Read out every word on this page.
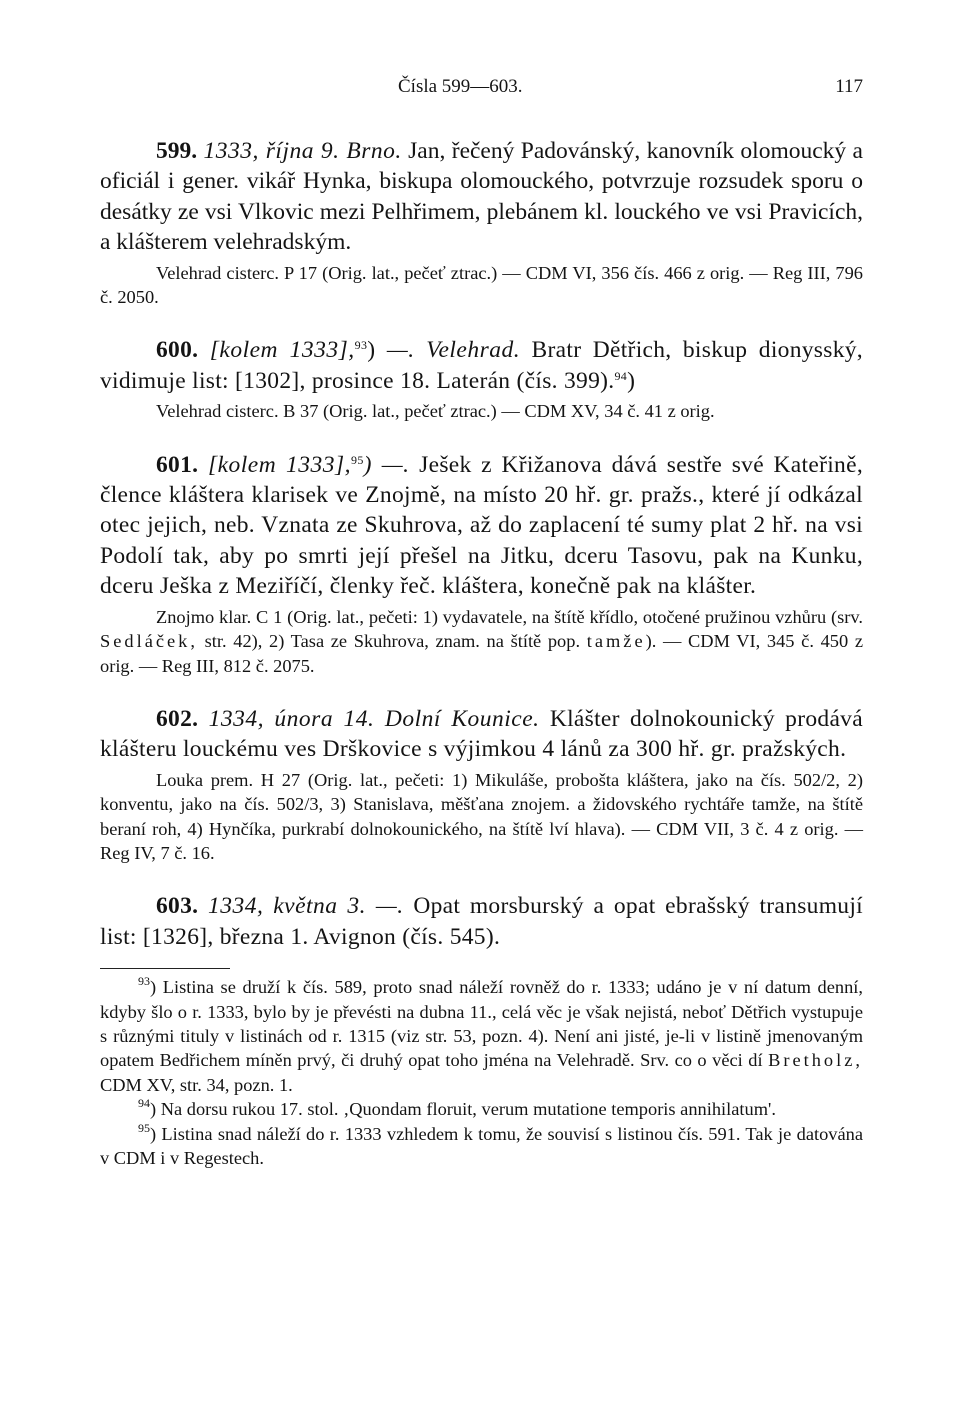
Čísla 599—603.	117

599. 1333, října 9. Brno. Jan, řečený Padovánský, kanovník olomoucký a oficiál i gener. vikář Hynka, biskupa olomouckého, potvrzuje rozsudek sporu o desátky ze vsi Vlkovic mezi Pelhřimem, plebánem kl. louckého ve vsi Pravicích, a klášterem velehradským.

Velehrad cisterc. P 17 (Orig. lat., pečeť ztrac.) — CDM VI, 356 čís. 466 z orig. — Reg III, 796 č. 2050.

600. [kolem 1333],$^{93}$) —. Velehrad. Bratr Dětřich, biskup dionysský, vidimuje list: [1302], prosince 18. Laterán (čís. 399).$^{94}$)

Velehrad cisterc. B 37 (Orig. lat., pečeť ztrac.) — CDM XV, 34 č. 41 z orig.

601. [kolem 1333],$^{95}$) —. Ješek z Křižanova dává sestře své Kateřině, člence kláštera klarisek ve Znojmě, na místo 20 hř. gr. pražs., které jí odkázal otec jejich, neb. Vznata ze Skuhrova, až do zaplacení té sumy plat 2 hř. na vsi Podolí tak, aby po smrti její přešel na Jitku, dceru Tasovu, pak na Kunku, dceru Ješka z Meziříčí, členky řeč. kláštera, konečně pak na klášter.

Znojmo klar. C 1 (Orig. lat., pečeti: 1) vydavatele, na štítě křídlo, otočené pružinou vzhůru (srv. Sedláček, str. 42), 2) Tasa ze Skuhrova, znam. na štítě pop. tamže). — CDM VI, 345 č. 450 z orig. — Reg III, 812 č. 2075.

602. 1334, února 14. Dolní Kounice. Klášter dolnokounický prodává klášteru louckému ves Drškovice s výjimkou 4 lánů za 300 hř. gr. pražských.

Louka prem. H 27 (Orig. lat., pečeti: 1) Mikuláše, probošta kláštera, jako na čís. 502/2, 2) konventu, jako na čís. 502/3, 3) Stanislava, měšťana znojem. a židovského rychtáře tamže, na štítě beraní roh, 4) Hynčíka, purkrabí dolnokounického, na štítě lví hlava). — CDM VII, 3 č. 4 z orig. — Reg IV, 7 č. 16.

603. 1334, května 3. —. Opat morsburský a opat ebrašský transumují list: [1326], března 1. Avignon (čís. 545).

$^{93}$) Listina se druží k čís. 589, proto snad náleží rovněž do r. 1333; udáno je v ní datum denní, kdyby šlo o r. 1333, bylo by je převésti na dubna 11., celá věc je však nejistá, neboť Dětřich vystupuje s různými tituly v listinách od r. 1315 (viz str. 53, pozn. 4). Není ani jisté, je-li v listině jmenovaným opatem Bedřichem míněn prvý, či druhý opat toho jména na Velehradě. Srv. co o věci dí Bretholz, CDM XV, str. 34, pozn. 1.

$^{94}$) Na dorsu rukou 17. stol. ‚Quondam floruit, verum mutatione temporis annihilatum'.

$^{95}$) Listina snad náleží do r. 1333 vzhledem k tomu, že souvisí s listinou čís. 591. Tak je datována v CDM i v Regestech.
